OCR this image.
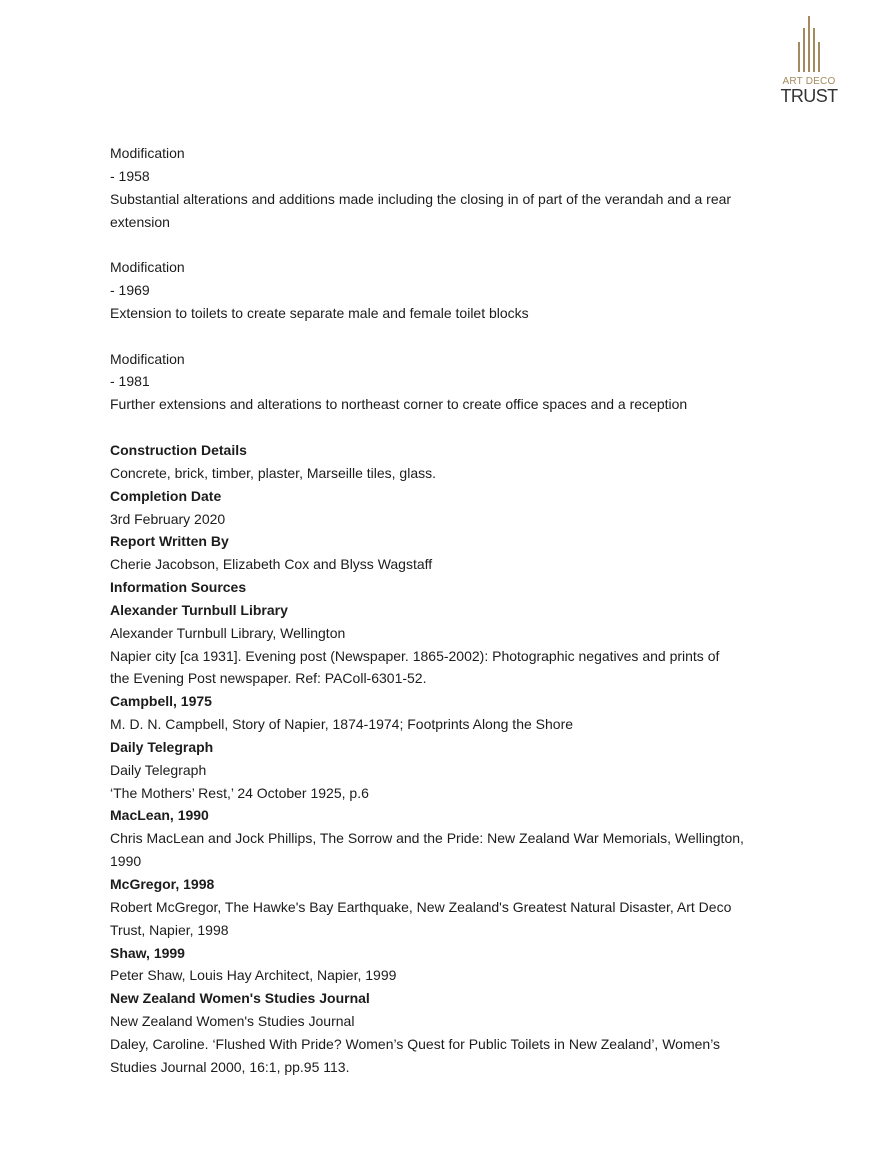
ART DECO
TRUST
Modification
- 1958
Substantial alterations and additions made including the closing in of part of the verandah and a rear
extension
Modification
- 1969
Extension to toilets to create separate male and female toilet blocks
Modification
- 1981
Further extensions and alterations to northeast corner to create office spaces and a reception
Construction Details
Concrete, brick, timber, plaster, Marseille tiles, glass.
Completion Date
3rd February 2020
Report Written By
Cherie Jacobson, Elizabeth Cox and Blyss Wagstaff
Information Sources
Alexander Turnbull Library
Alexander Turnbull Library, Wellington
Napier city [ca 1931]. Evening post (Newspaper. 1865-2002): Photographic negatives and prints of
the Evening Post newspaper. Ref: PAColl-6301-52.
Campbell, 1975
M. D. N. Campbell, Story of Napier, 1874-1974; Footprints Along the Shore
Daily Telegraph
Daily Telegraph
‘The Mothers’ Rest,’ 24 October 1925, p.6
MacLean, 1990
Chris MacLean and Jock Phillips, The Sorrow and the Pride: New Zealand War Memorials, Wellington,
1990
McGregor, 1998
Robert McGregor, The Hawke's Bay Earthquake, New Zealand's Greatest Natural Disaster, Art Deco
Trust, Napier, 1998
Shaw, 1999
Peter Shaw, Louis Hay Architect, Napier, 1999
New Zealand Women's Studies Journal
New Zealand Women's Studies Journal
Daley, Caroline. ‘Flushed With Pride? Women’s Quest for Public Toilets in New Zealand’, Women’s
Studies Journal 2000, 16:1, pp.95 113.
